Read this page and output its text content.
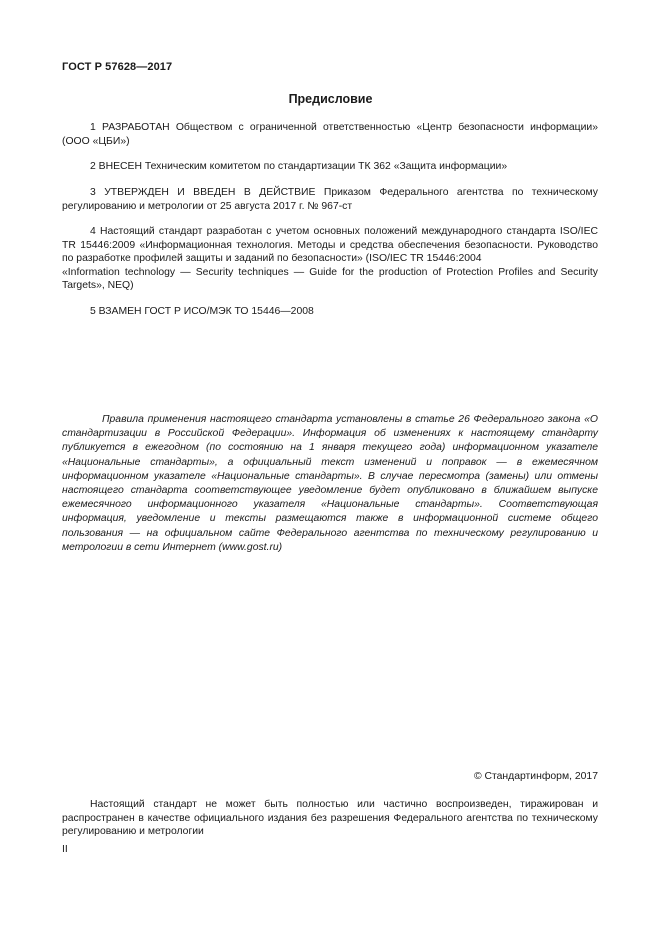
ГОСТ Р 57628—2017
Предисловие
1 РАЗРАБОТАН Обществом с ограниченной ответственностью «Центр безопасности информации» (ООО «ЦБИ»)
2 ВНЕСЕН Техническим комитетом по стандартизации ТК 362 «Защита информации»
3 УТВЕРЖДЕН И ВВЕДЕН В ДЕЙСТВИЕ Приказом Федерального агентства по техническому регулированию и метрологии от 25 августа 2017 г. № 967-ст
4 Настоящий стандарт разработан с учетом основных положений международного стандарта ISO/IEC TR 15446:2009 «Информационная технология. Методы и средства обеспечения безопасности. Руководство по разработке профилей защиты и заданий по безопасности» (ISO/IEC TR 15446:2004
«Information technology — Security techniques — Guide for the production of Protection Profiles and Security Targets», NEQ)
5 ВЗАМЕН ГОСТ Р ИСО/МЭК ТО 15446—2008
Правила применения настоящего стандарта установлены в статье 26 Федерального закона «О стандартизации в Российской Федерации». Информация об изменениях к настоящему стандарту публикуется в ежегодном (по состоянию на 1 января текущего года) информационном указателе «Национальные стандарты», а официальный текст изменений и поправок — в ежемесячном информационном указателе «Национальные стандарты». В случае пересмотра (замены) или отмены настоящего стандарта соответствующее уведомление будет опубликовано в ближайшем выпуске ежемесячного информационного указателя «Национальные стандарты». Соответствующая информация, уведомление и тексты размещаются также в информационной системе общего пользования — на официальном сайте Федерального агентства по техническому регулированию и метрологии в сети Интернет (www.gost.ru)
© Стандартинформ, 2017
Настоящий стандарт не может быть полностью или частично воспроизведен, тиражирован и распространен в качестве официального издания без разрешения Федерального агентства по техническому регулированию и метрологии
II
